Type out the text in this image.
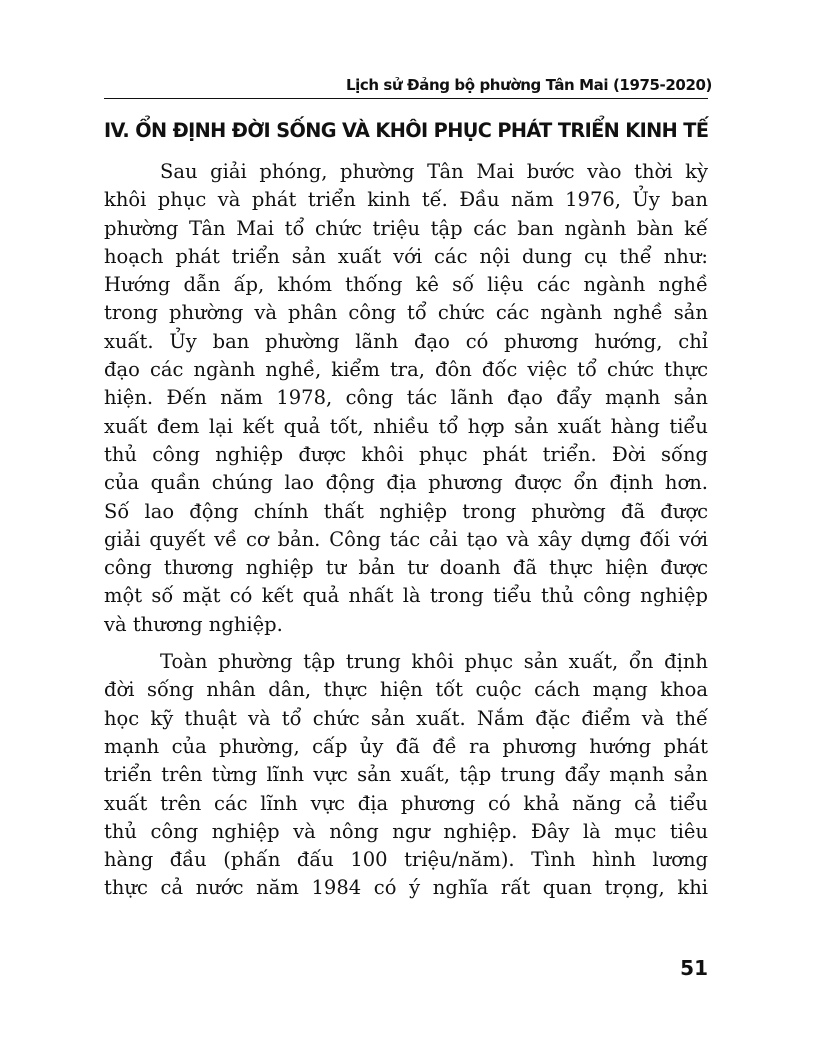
Lịch sử Đảng bộ phường Tân Mai (1975-2020)
IV. ỔN ĐỊNH ĐỜI SỐNG VÀ KHÔI PHỤC PHÁT TRIỂN KINH TẾ

Sau giải phóng, phường Tân Mai bước vào thời kỳ
khôi phục và phát triển kinh tế. Đầu năm 1976, Ủy ban
phường Tân Mai tổ chức triệu tập các ban ngành bàn kế
hoạch phát triển sản xuất với các nội dung cụ thể như:
Hướng dẫn ấp, khóm thống kê số liệu các ngành nghề
trong phường và phân công tổ chức các ngành nghề sản
xuất. Ủy ban phường lãnh đạo có phương hướng, chỉ
đạo các ngành nghề, kiểm tra, đôn đốc việc tổ chức thực
hiện. Đến năm 1978, công tác lãnh đạo đẩy mạnh sản
xuất đem lại kết quả tốt, nhiều tổ hợp sản xuất hàng tiểu
thủ công nghiệp được khôi phục phát triển. Đời sống
của quần chúng lao động địa phương được ổn định hơn.
Số lao động chính thất nghiệp trong phường đã được
giải quyết về cơ bản. Công tác cải tạo và xây dựng đối với
công thương nghiệp tư bản tư doanh đã thực hiện được
một số mặt có kết quả nhất là trong tiểu thủ công nghiệp
và thương nghiệp.

Toàn phường tập trung khôi phục sản xuất, ổn định
đời sống nhân dân, thực hiện tốt cuộc cách mạng khoa
học kỹ thuật và tổ chức sản xuất. Nắm đặc điểm và thế
mạnh của phường, cấp ủy đã đề ra phương hướng phát
triển trên từng lĩnh vực sản xuất, tập trung đẩy mạnh sản
xuất trên các lĩnh vực địa phương có khả năng cả tiểu
thủ công nghiệp và nông ngư nghiệp. Đây là mục tiêu
hàng đầu (phấn đấu 100 triệu/năm). Tình hình lương
thực cả nước năm 1984 có ý nghĩa rất quan trọng, khi

51
